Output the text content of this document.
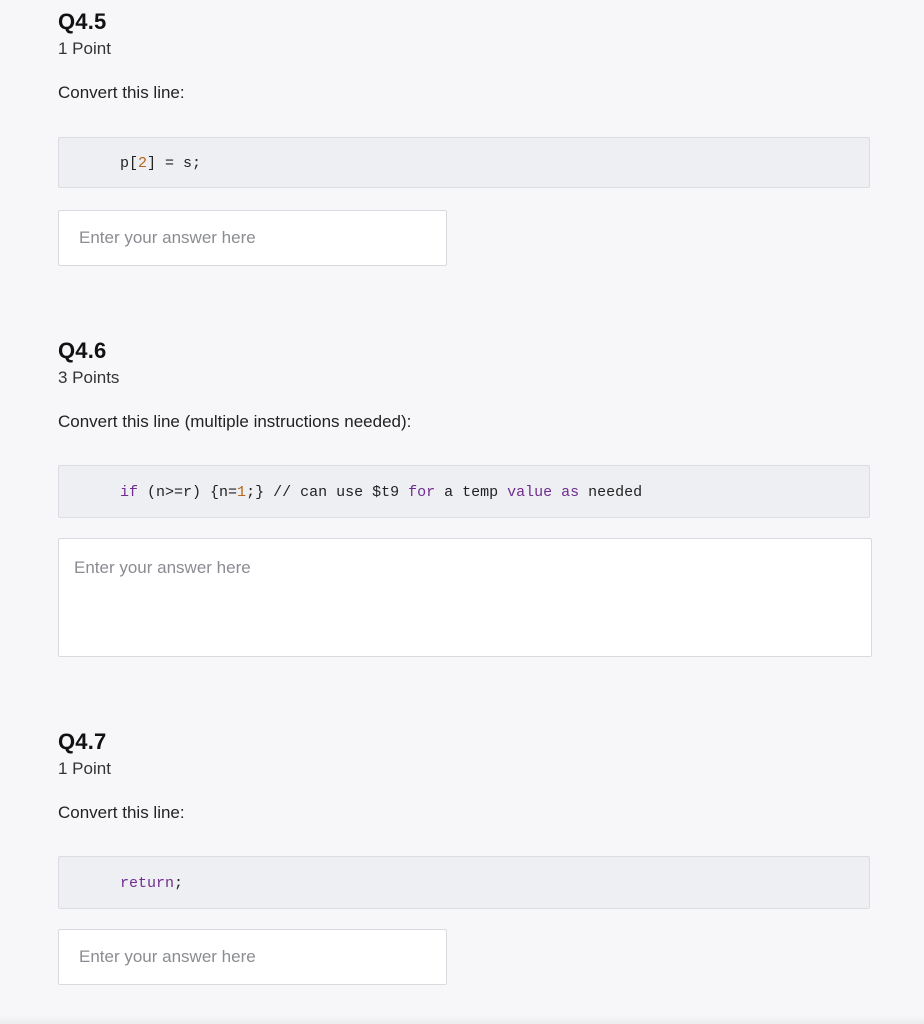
Q4.5
1 Point
Convert this line:
p[2] = s;
Enter your answer here
Q4.6
3 Points
Convert this line (multiple instructions needed):
if (n>=r) {n=1;} // can use $t9 for a temp value as needed
Enter your answer here
Q4.7
1 Point
Convert this line:
return;
Enter your answer here
